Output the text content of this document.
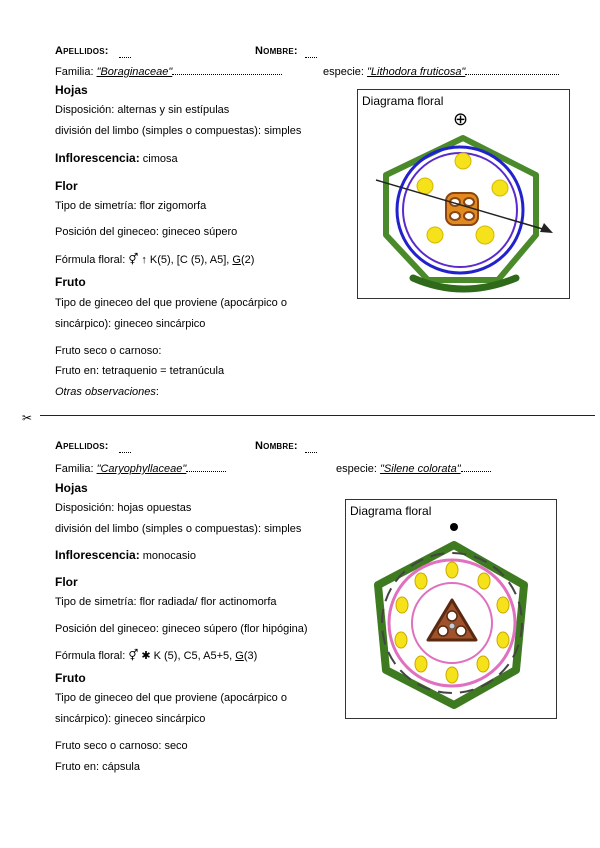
Apellidos:	Nombre:
Familia: "Boraginaceae"	especie: "Lithodora fruticosa"
Hojas
Disposición: alternas y sin estípulas
división del limbo (simples o compuestas): simples
Inflorescencia: cimosa
Flor
Tipo de simetría: flor zigomorfa
Posición del gineceo: gineceo súpero
Fórmula floral: ⚥ ↑ K(5), [C (5), A5], G(2)
Fruto
Tipo de gineceo del que proviene (apocárpico o
sincárpico): gineceo sincárpico
Fruto seco o carnoso:
Fruto en: tetraquenio = tetranúcula
Otras observaciones:
Diagrama floral
⊕
✂
Apellidos:	Nombre:
Familia: "Caryophyllaceae"	especie: "Silene colorata"
Hojas
Disposición: hojas opuestas
división del limbo (simples o compuestas): simples
Inflorescencia: monocasio
Flor
Tipo de simetría: flor radiada/ flor actinomorfa
Posición del gineceo: gineceo súpero (flor hipógina)
Fórmula floral: ⚥ ✱ K (5), C5, A5+5, G(3)
Fruto
Tipo de gineceo del que proviene (apocárpico o
sincárpico): gineceo sincárpico
Fruto seco o carnoso: seco
Fruto en: cápsula
Diagrama floral
